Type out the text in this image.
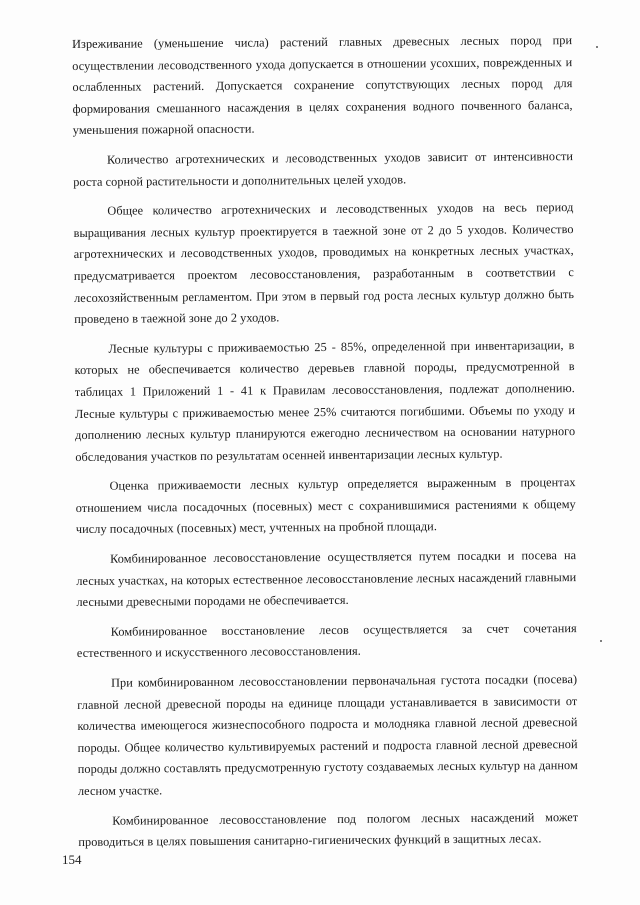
Изреживание (уменьшение числа) растений главных древесных лесных пород при осуществлении лесоводственного ухода допускается в отношении усохших, поврежденных и ослабленных растений. Допускается сохранение сопутствующих лесных пород для формирования смешанного насаждения в целях сохранения водного почвенного баланса, уменьшения пожарной опасности.

Количество агротехнических и лесоводственных уходов зависит от интенсивности роста сорной растительности и дополнительных целей уходов.

Общее количество агротехнических и лесоводственных уходов на весь период выращивания лесных культур проектируется в таежной зоне от 2 до 5 уходов. Количество агротехнических и лесоводственных уходов, проводимых на конкретных лесных участках, предусматривается проектом лесовосстановления, разработанным в соответствии с лесохозяйственным регламентом. При этом в первый год роста лесных культур должно быть проведено в таежной зоне до 2 уходов.

Лесные культуры с приживаемостью 25 - 85%, определенной при инвентаризации, в которых не обеспечивается количество деревьев главной породы, предусмотренной в таблицах 1 Приложений 1 - 41 к Правилам лесовосстановления, подлежат дополнению. Лесные культуры с приживаемостью менее 25% считаются погибшими. Объемы по уходу и дополнению лесных культур планируются ежегодно лесничеством на основании натурного обследования участков по результатам осенней инвентаризации лесных культур.

Оценка приживаемости лесных культур определяется выраженным в процентах отношением числа посадочных (посевных) мест с сохранившимися растениями к общему числу посадочных (посевных) мест, учтенных на пробной площади.

Комбинированное лесовосстановление осуществляется путем посадки и посева на лесных участках, на которых естественное лесовосстановление лесных насаждений главными лесными древесными породами не обеспечивается.

Комбинированное восстановление лесов осуществляется за счет сочетания естественного и искусственного лесовосстановления.

При комбинированном лесовосстановлении первоначальная густота посадки (посева) главной лесной древесной породы на единице площади устанавливается в зависимости от количества имеющегося жизнеспособного подроста и молодняка главной лесной древесной породы. Общее количество культивируемых растений и подроста главной лесной древесной породы должно составлять предусмотренную густоту создаваемых лесных культур на данном лесном участке.

Комбинированное лесовосстановление под пологом лесных насаждений может проводиться в целях повышения санитарно-гигиенических функций в защитных лесах.

154
